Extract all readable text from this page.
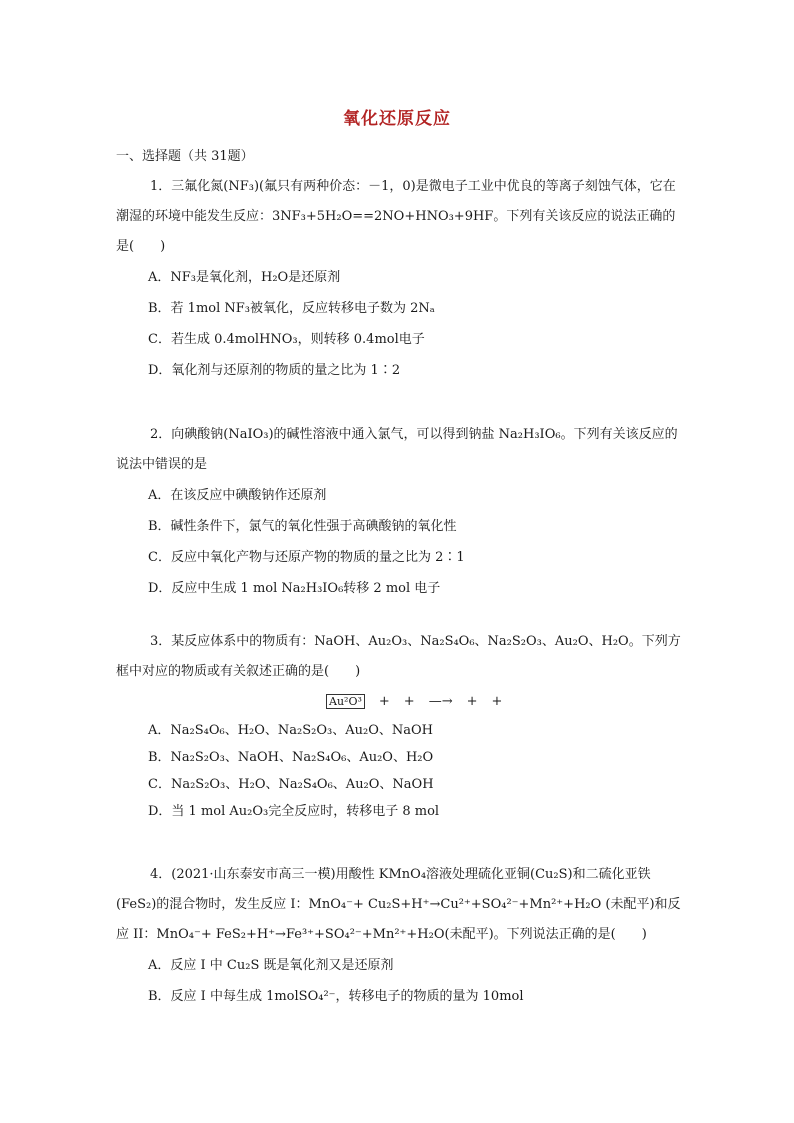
氧化还原反应
一、选择题（共 31题）
1．三氟化氮(NF₃)(氟只有两种价态：－1，0)是微电子工业中优良的等离子刻蚀气体，它在潮湿的环境中能发生反应：3NF₃+5H₂O==2NO+HNO₃+9HF。下列有关该反应的说法正确的是(　　)
A．NF₃是氧化剂，H₂O是还原剂
B．若 1mol NF₃被氧化，反应转移电子数为 2Nₐ
C．若生成 0.4molHNO₃，则转移 0.4mol电子
D．氧化剂与还原剂的物质的量之比为 1∶2
2．向碘酸钠(NaIO₃)的碱性溶液中通入氯气，可以得到钠盐 Na₂H₃IO₆。下列有关该反应的说法中错误的是
A．在该反应中碘酸钠作还原剂
B．碱性条件下，氯气的氧化性强于高碘酸钠的氧化性
C．反应中氧化产物与还原产物的物质的量之比为 2∶1
D．反应中生成 1 mol Na₂H₃IO₆转移 2 mol 电子
3．某反应体系中的物质有：NaOH、Au₂O₃、Na₂S₄O₆、Na₂S₂O₃、Au₂O、H₂O。下列方框中对应的物质或有关叙述正确的是(　　)
Au²O³ + + —→ + +
A．Na₂S₄O₆、H₂O、Na₂S₂O₃、Au₂O、NaOH
B．Na₂S₂O₃、NaOH、Na₂S₄O₆、Au₂O、H₂O
C．Na₂S₂O₃、H₂O、Na₂S₄O₆、Au₂O、NaOH
D．当 1 mol Au₂O₃完全反应时，转移电子 8 mol
4．(2021·山东泰安市高三一模)用酸性 KMnO₄溶液处理硫化亚铜(Cu₂S)和二硫化亚铁(FeS₂)的混合物时，发生反应 I：MnO₄⁻+ Cu₂S+H⁺→Cu²⁺+SO₄²⁻+Mn²⁺+H₂O (未配平)和反应 II：MnO₄⁻+ FeS₂+H⁺→Fe³⁺+SO₄²⁻+Mn²⁺+H₂O(未配平)。下列说法正确的是(　　)
A．反应 I 中 Cu₂S 既是氧化剂又是还原剂
B．反应 I 中每生成 1molSO₄²⁻，转移电子的物质的量为 10mol
